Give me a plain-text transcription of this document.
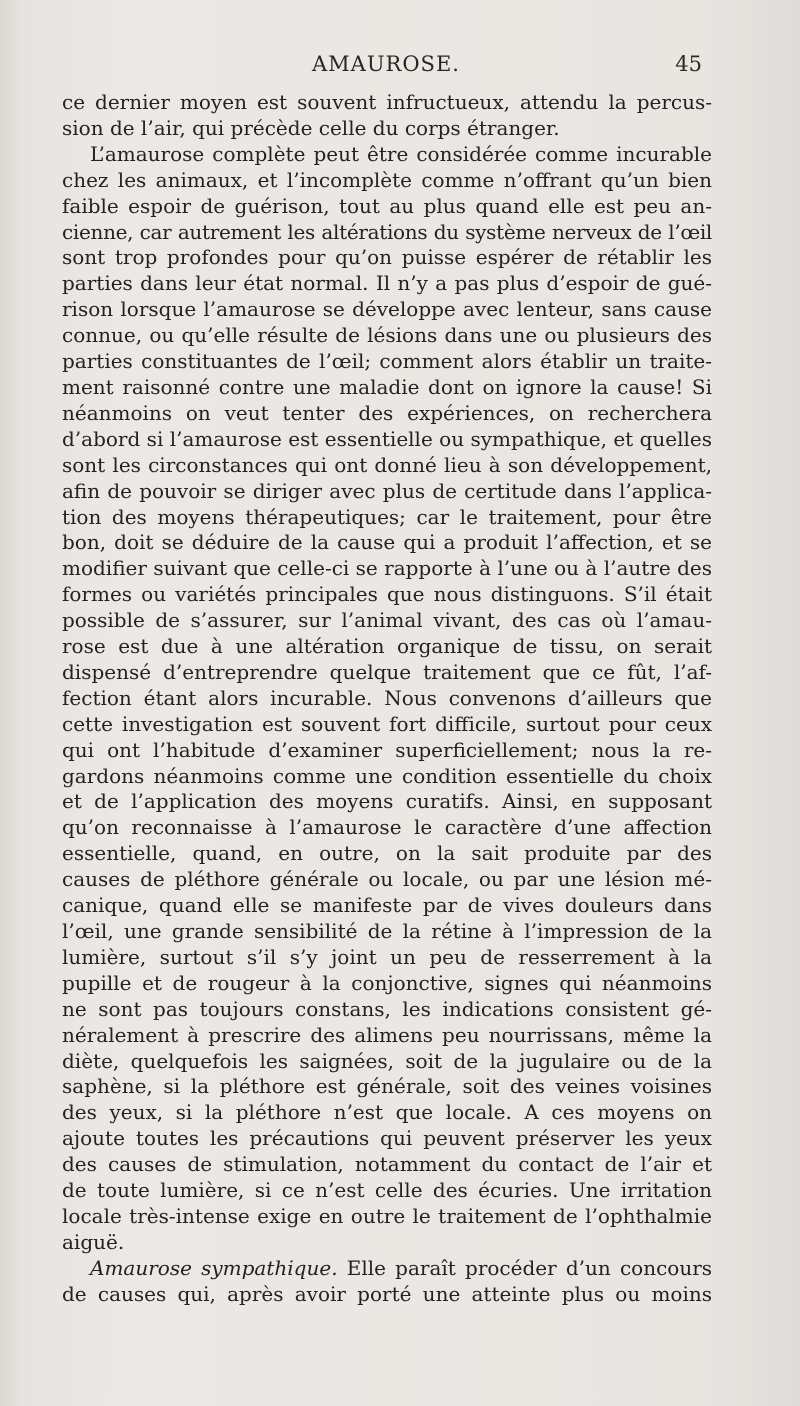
AMAUROSE.	45
ce dernier moyen est souvent infructueux, attendu la percus-
sion de l’air, qui précède celle du corps étranger.
L’amaurose complète peut être considérée comme incurable
chez les animaux, et l’incomplète comme n’offrant qu’un bien
faible espoir de guérison, tout au plus quand elle est peu an-
cienne, car autrement les altérations du système nerveux de l’œil
sont trop profondes pour qu’on puisse espérer de rétablir les
parties dans leur état normal. Il n’y a pas plus d’espoir de gué-
rison lorsque l’amaurose se développe avec lenteur, sans cause
connue, ou qu’elle résulte de lésions dans une ou plusieurs des
parties constituantes de l’œil; comment alors établir un traite-
ment raisonné contre une maladie dont on ignore la cause! Si
néanmoins on veut tenter des expériences, on recherchera
d’abord si l’amaurose est essentielle ou sympathique, et quelles
sont les circonstances qui ont donné lieu à son développement,
afin de pouvoir se diriger avec plus de certitude dans l’applica-
tion des moyens thérapeutiques; car le traitement, pour être
bon, doit se déduire de la cause qui a produit l’affection, et se
modifier suivant que celle-ci se rapporte à l’une ou à l’autre des
formes ou variétés principales que nous distinguons. S’il était
possible de s’assurer, sur l’animal vivant, des cas où l’amau-
rose est due à une altération organique de tissu, on serait
dispensé d’entreprendre quelque traitement que ce fût, l’af-
fection étant alors incurable. Nous convenons d’ailleurs que
cette investigation est souvent fort difficile, surtout pour ceux
qui ont l’habitude d’examiner superficiellement; nous la re-
gardons néanmoins comme une condition essentielle du choix
et de l’application des moyens curatifs. Ainsi, en supposant
qu’on reconnaisse à l’amaurose le caractère d’une affection
essentielle, quand, en outre, on la sait produite par des
causes de pléthore générale ou locale, ou par une lésion mé-
canique, quand elle se manifeste par de vives douleurs dans
l’œil, une grande sensibilité de la rétine à l’impression de la
lumière, surtout s’il s’y joint un peu de resserrement à la
pupille et de rougeur à la conjonctive, signes qui néanmoins
ne sont pas toujours constans, les indications consistent gé-
néralement à prescrire des alimens peu nourrissans, même la
diète, quelquefois les saignées, soit de la jugulaire ou de la
saphène, si la pléthore est générale, soit des veines voisines
des yeux, si la pléthore n’est que locale. A ces moyens on
ajoute toutes les précautions qui peuvent préserver les yeux
des causes de stimulation, notamment du contact de l’air et
de toute lumière, si ce n’est celle des écuries. Une irritation
locale très-intense exige en outre le traitement de l’ophthalmie
aiguë.
Amaurose sympathique. Elle paraît procéder d’un concours
de causes qui, après avoir porté une atteinte plus ou moins
